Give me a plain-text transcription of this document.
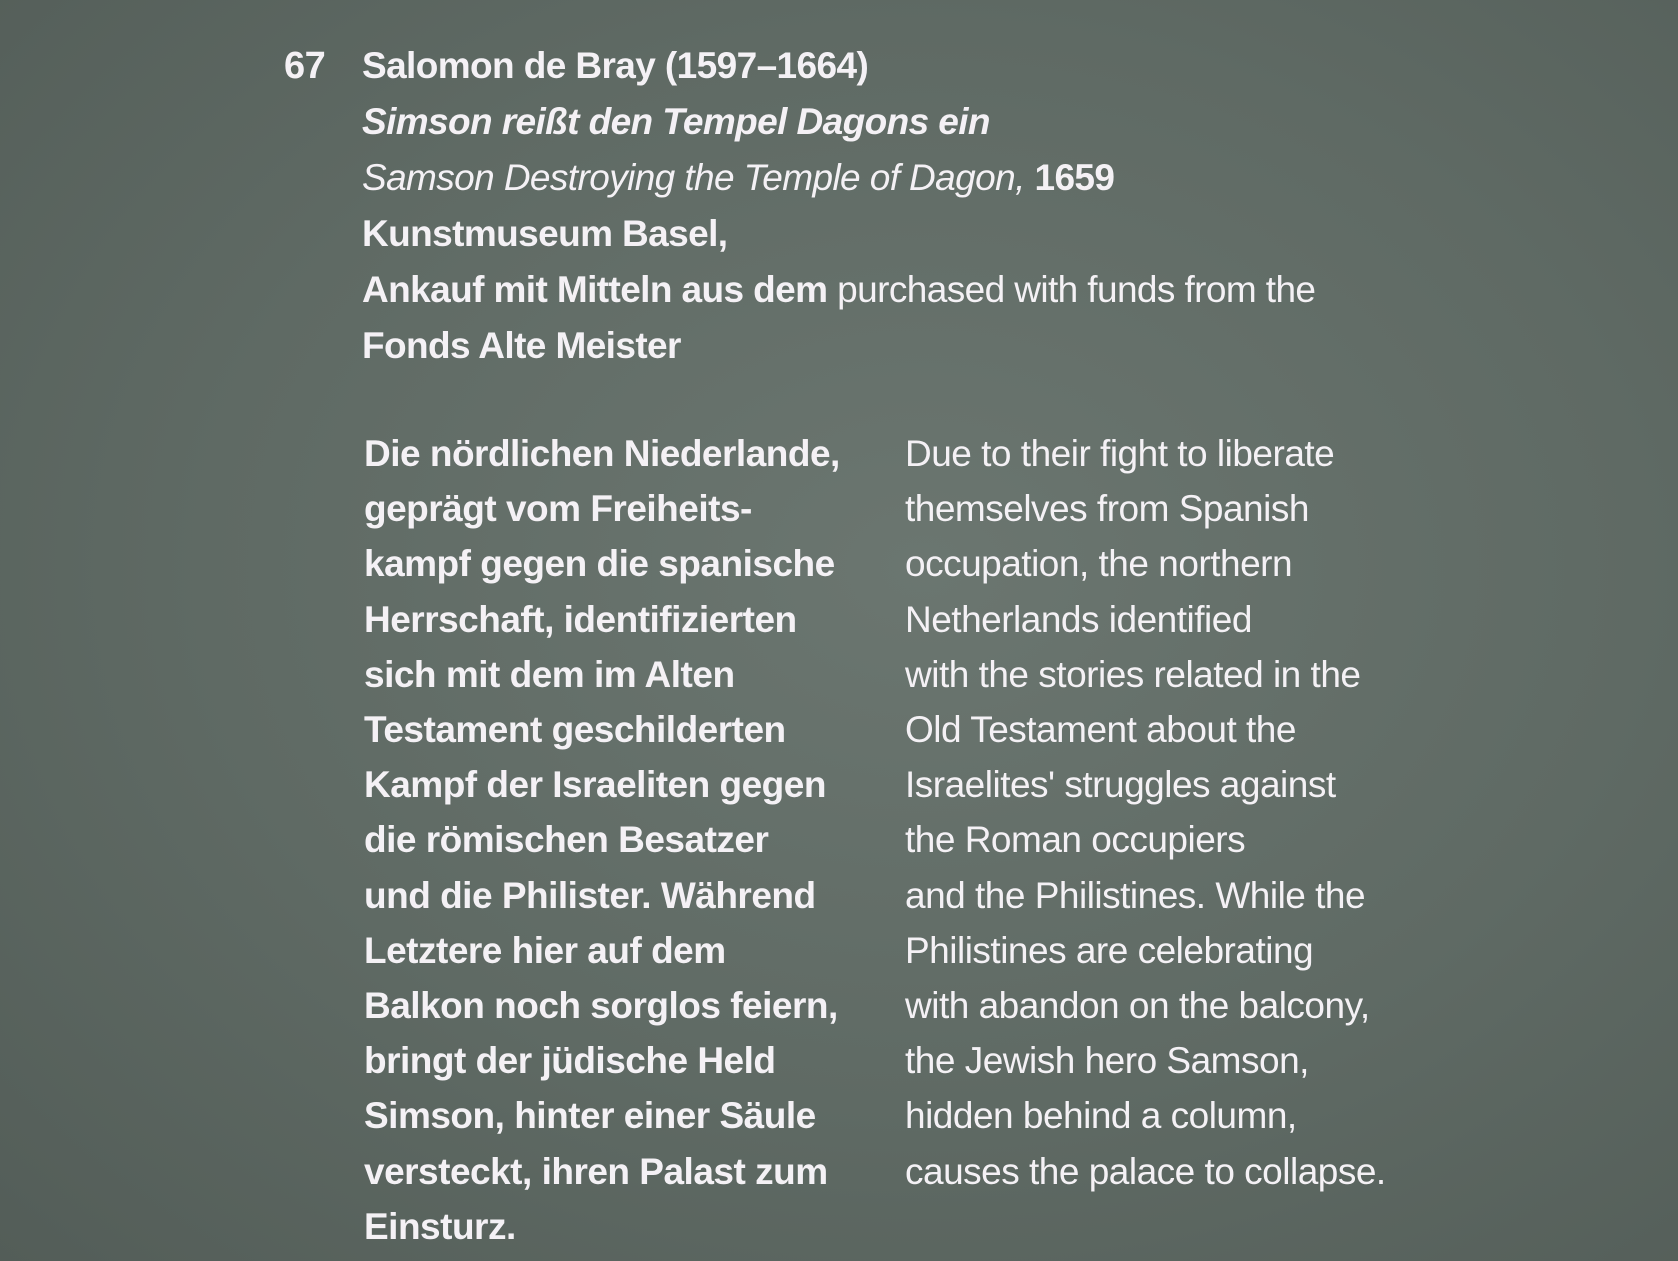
67 Salomon de Bray (1597–1664)
Simson reißt den Tempel Dagons ein
Samson Destroying the Temple of Dagon, 1659
Kunstmuseum Basel,
Ankauf mit Mitteln aus dem purchased with funds from the
Fonds Alte Meister
Die nördlichen Niederlande,
geprägt vom Freiheits-
kampf gegen die spanische
Herrschaft, identifizierten
sich mit dem im Alten
Testament geschilderten
Kampf der Israeliten gegen
die römischen Besatzer
und die Philister. Während
Letztere hier auf dem
Balkon noch sorglos feiern,
bringt der jüdische Held
Simson, hinter einer Säule
versteckt, ihren Palast zum
Einsturz.
Due to their fight to liberate
themselves from Spanish
occupation, the northern
Netherlands identified
with the stories related in the
Old Testament about the
Israelites' struggles against
the Roman occupiers
and the Philistines. While the
Philistines are celebrating
with abandon on the balcony,
the Jewish hero Samson,
hidden behind a column,
causes the palace to collapse.
